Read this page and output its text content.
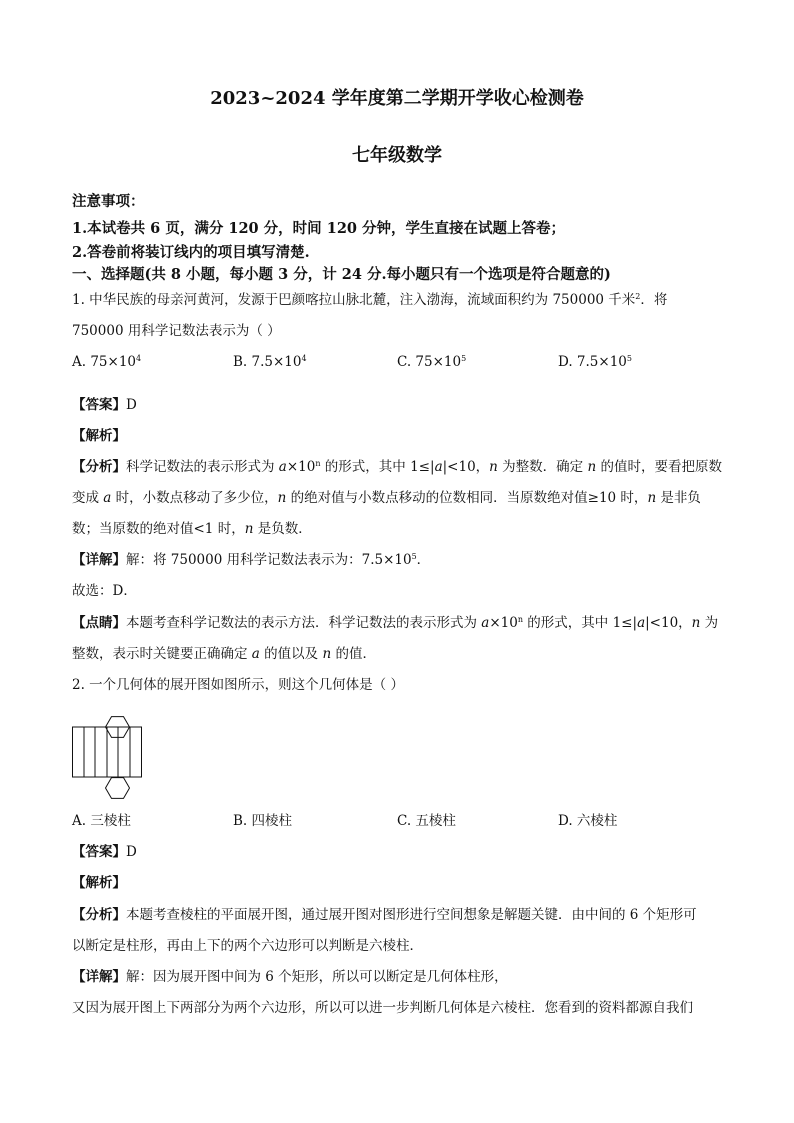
2023~2024 学年度第二学期开学收心检测卷
七年级数学
注意事项：
1.本试卷共 6 页，满分 120 分，时间 120 分钟，学生直接在试题上答卷；
2.答卷前将装订线内的项目填写清楚.
一、选择题(共 8 小题，每小题 3 分，计 24 分.每小题只有一个选项是符合题意的)
1. 中华民族的母亲河黄河，发源于巴颜喀拉山脉北麓，注入渤海，流域面积约为 750000 千米$^2$．将
750000 用科学记数法表示为（ ）
A. $75\times 10^4$	B. $7.5\times 10^4$	C. $75\times 10^5$	D. $7.5\times 10^5$
【答案】D
【解析】
【分析】科学记数法的表示形式为 $a\times 10^n$ 的形式，其中 1≤|a|<10，n 为整数．确定 n 的值时，要看把原数
变成 a 时，小数点移动了多少位，n 的绝对值与小数点移动的位数相同．当原数绝对值≥10 时，n 是非负
数；当原数的绝对值<1 时，n 是负数．
【详解】解：将 750000 用科学记数法表示为：$7.5\times 10^5$．
故选：D．
【点睛】本题考查科学记数法的表示方法．科学记数法的表示形式为 $a\times 10^n$ 的形式，其中 1≤|a|<10，n 为
整数，表示时关键要正确确定 a 的值以及 n 的值．
2. 一个几何体的展开图如图所示，则这个几何体是（ ）
A. 三棱柱	B. 四棱柱	C. 五棱柱	D. 六棱柱
【答案】D
【解析】
【分析】本题考查棱柱的平面展开图，通过展开图对图形进行空间想象是解题关键．由中间的 6 个矩形可
以断定是柱形，再由上下的两个六边形可以判断是六棱柱．
【详解】解：因为展开图中间为 6 个矩形，所以可以断定是几何体柱形，
又因为展开图上下两部分为两个六边形，所以可以进一步判断几何体是六棱柱．您看到的资料都源自我们
